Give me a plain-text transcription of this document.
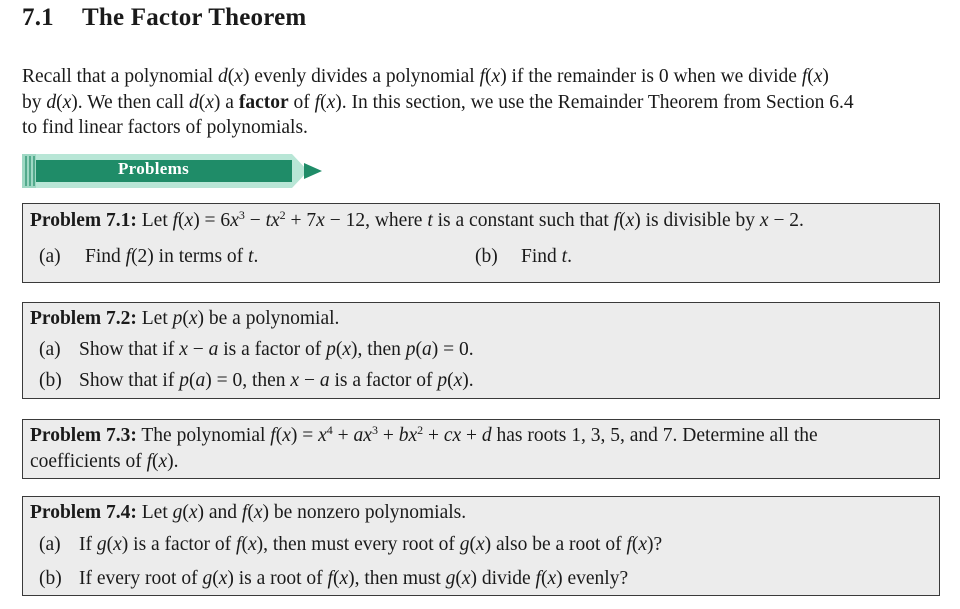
7.1 The Factor Theorem
Recall that a polynomial d(x) evenly divides a polynomial f(x) if the remainder is 0 when we divide f(x)
by d(x). We then call d(x) a factor of f(x). In this section, we use the Remainder Theorem from Section 6.4
to find linear factors of polynomials.
Problems
Problem 7.1: Let $f(x) = 6x^3 - tx^2 + 7x - 12$, where t is a constant such that f(x) is divisible by x − 2.
(a) Find f(2) in terms of t.	(b) Find t.
Problem 7.2: Let p(x) be a polynomial.
(a) Show that if x − a is a factor of p(x), then p(a) = 0.
(b) Show that if p(a) = 0, then x − a is a factor of p(x).
Problem 7.3: The polynomial $f(x) = x^4 + ax^3 + bx^2$ + cx + d has roots 1, 3, 5, and 7. Determine all the
coefficients of f(x).
Problem 7.4: Let g(x) and f(x) be nonzero polynomials.
(a) If g(x) is a factor of f(x), then must every root of g(x) also be a root of f(x)?
(b) If every root of g(x) is a root of f(x), then must g(x) divide f(x) evenly?
